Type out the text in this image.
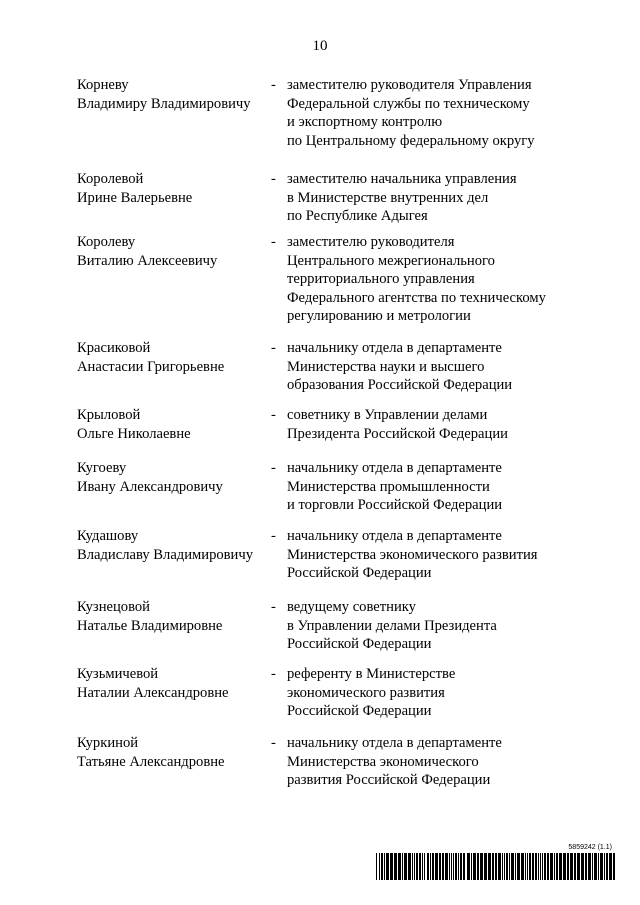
10
Корневу
Владимиру Владимировичу
- заместителю руководителя Управления
Федеральной службы по техническому
и экспортному контролю
по Центральному федеральному округу
Королевой
Ирине Валерьевне
- заместителю начальника управления
в Министерстве внутренних дел
по Республике Адыгея
Королеву
Виталию Алексеевичу
- заместителю руководителя
Центрального межрегионального
территориального управления
Федерального агентства по техническому
регулированию и метрологии
Красиковой
Анастасии Григорьевне
- начальнику отдела в департаменте
Министерства науки и высшего
образования Российской Федерации
Крыловой
Ольге Николаевне
- советнику в Управлении делами
Президента Российской Федерации
Кугоеву
Ивану Александровичу
- начальнику отдела в департаменте
Министерства промышленности
и торговли Российской Федерации
Кудашову
Владиславу Владимировичу
- начальнику отдела в департаменте
Министерства экономического развития
Российской Федерации
Кузнецовой
Наталье Владимировне
- ведущему советнику
в Управлении делами Президента
Российской Федерации
Кузьмичевой
Наталии Александровне
- референту в Министерстве
экономического развития
Российской Федерации
Куркиной
Татьяне Александровне
- начальнику отдела в департаменте
Министерства экономического
развития Российской Федерации
5859242 (1.1)
